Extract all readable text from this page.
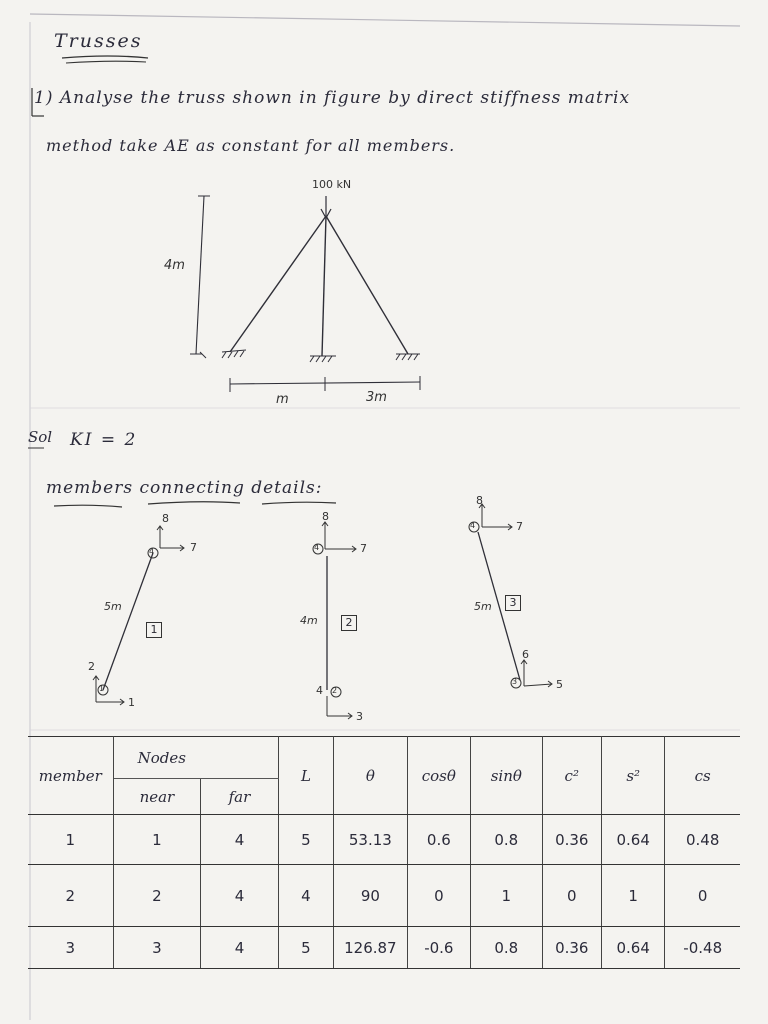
Trusses
1) Analyse the truss shown in figure by direct stiffness matrix
method take AE as constant for all members.
100 kN
4m
m	3m
Sol KI = 2
members connecting details:
4
1
7
8
1
2
5m
1
4
2
7
8
3
4
4m	2
4
3
7
8
5
6
5m	3
member	Nodes		L	θ	cosθ	sinθ	c²	s²	cs
	near	far							
1	1	4	5	53.13	0.6	0.8	0.36	0.64	0.48
2	2	4	4	90	0	1	0	1	0
3	3	4	5	126.87	-0.6	0.8	0.36	0.64	-0.48
